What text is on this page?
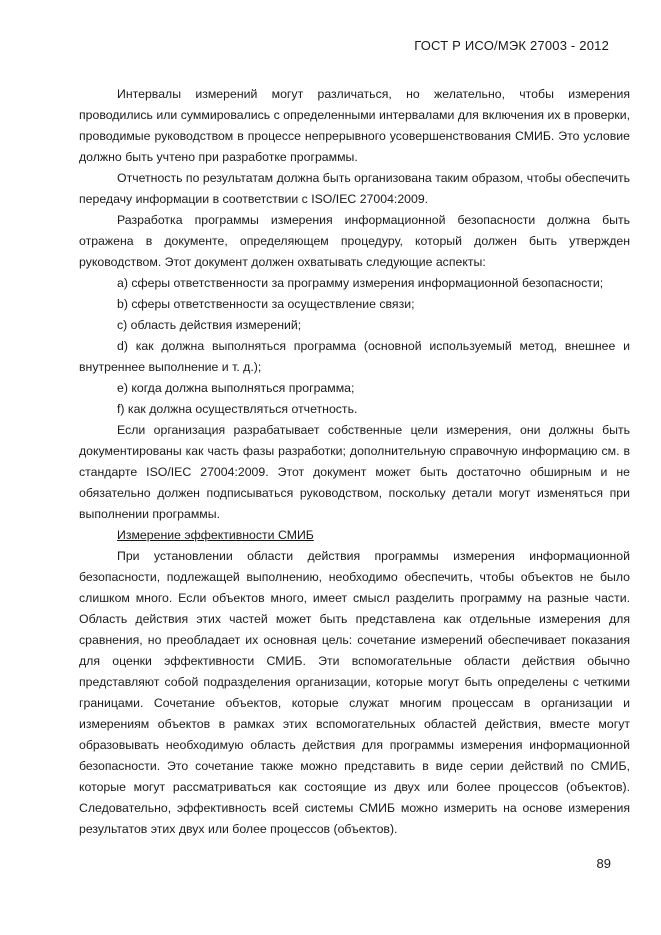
ГОСТ Р ИСО/МЭК 27003 - 2012

Интервалы измерений могут различаться, но желательно, чтобы измерения проводились или суммировались с определенными интервалами для включения их в проверки, проводимые руководством в процессе непрерывного усовершенствования СМИБ. Это условие должно быть учтено при разработке программы.

Отчетность по результатам должна быть организована таким образом, чтобы обеспечить передачу информации в соответствии с ISO/IEC 27004:2009.

Разработка программы измерения информационной безопасности должна быть отражена в документе, определяющем процедуру, который должен быть утвержден руководством. Этот документ должен охватывать следующие аспекты:

а) сферы ответственности за программу измерения информационной безопасности;

b) сферы ответственности за осуществление связи;

с) область действия измерений;

d) как должна выполняться программа (основной используемый метод, внешнее и внутреннее выполнение и т. д.);

е) когда должна выполняться программа;

f) как должна осуществляться отчетность.

Если организация разрабатывает собственные цели измерения, они должны быть документированы как часть фазы разработки; дополнительную справочную информацию см. в стандарте ISO/IEC 27004:2009. Этот документ может быть достаточно обширным и не обязательно должен подписываться руководством, поскольку детали могут изменяться при выполнении программы.

Измерение эффективности СМИБ

При установлении области действия программы измерения информационной безопасности, подлежащей выполнению, необходимо обеспечить, чтобы объектов не было слишком много. Если объектов много, имеет смысл разделить программу на разные части. Область действия этих частей может быть представлена как отдельные измерения для сравнения, но преобладает их основная цель: сочетание измерений обеспечивает показания для оценки эффективности СМИБ. Эти вспомогательные области действия обычно представляют собой подразделения организации, которые могут быть определены с четкими границами. Сочетание объектов, которые служат многим процессам в организации и измерениям объектов в рамках этих вспомогательных областей действия, вместе могут образовывать необходимую область действия для программы измерения информационной безопасности. Это сочетание также можно представить в виде серии действий по СМИБ, которые могут рассматриваться как состоящие из двух или более процессов (объектов). Следовательно, эффективность всей системы СМИБ можно измерить на основе измерения результатов этих двух или более процессов (объектов).

89
